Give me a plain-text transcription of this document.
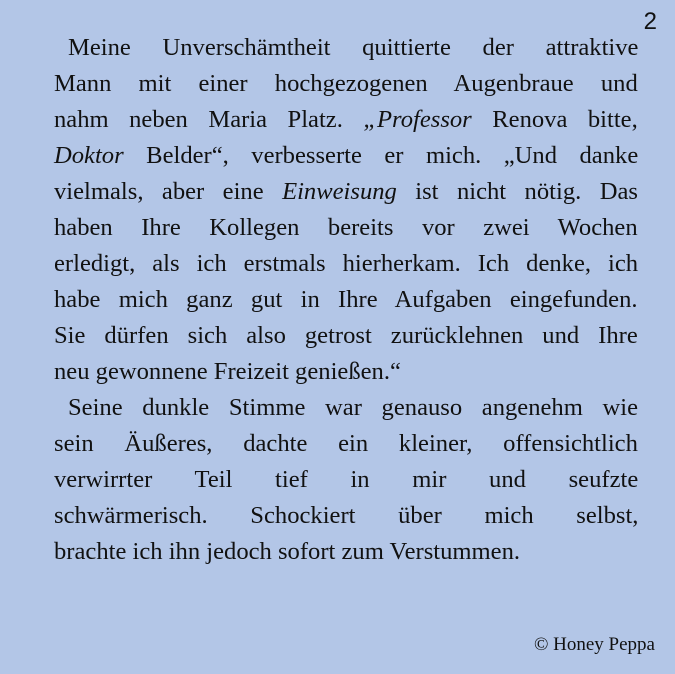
2

Meine Unverschämtheit quittierte der attraktive
Mann mit einer hochgezogenen Augenbraue und
nahm neben Maria Platz. „Professor Renova bitte,
Doktor Belder“, verbesserte er mich. „Und danke
vielmals, aber eine Einweisung ist nicht nötig. Das
haben Ihre Kollegen bereits vor zwei Wochen
erledigt, als ich erstmals hierherkam. Ich denke, ich
habe mich ganz gut in Ihre Aufgaben eingefunden.
Sie dürfen sich also getrost zurücklehnen und Ihre
neu gewonnene Freizeit genießen.“

Seine dunkle Stimme war genauso angenehm wie
sein Äußeres, dachte ein kleiner, offensichtlich
verwirrter Teil tief in mir und seufzte
schwärmerisch. Schockiert über mich selbst,
brachte ich ihn jedoch sofort zum Verstummen.

© Honey Peppa
